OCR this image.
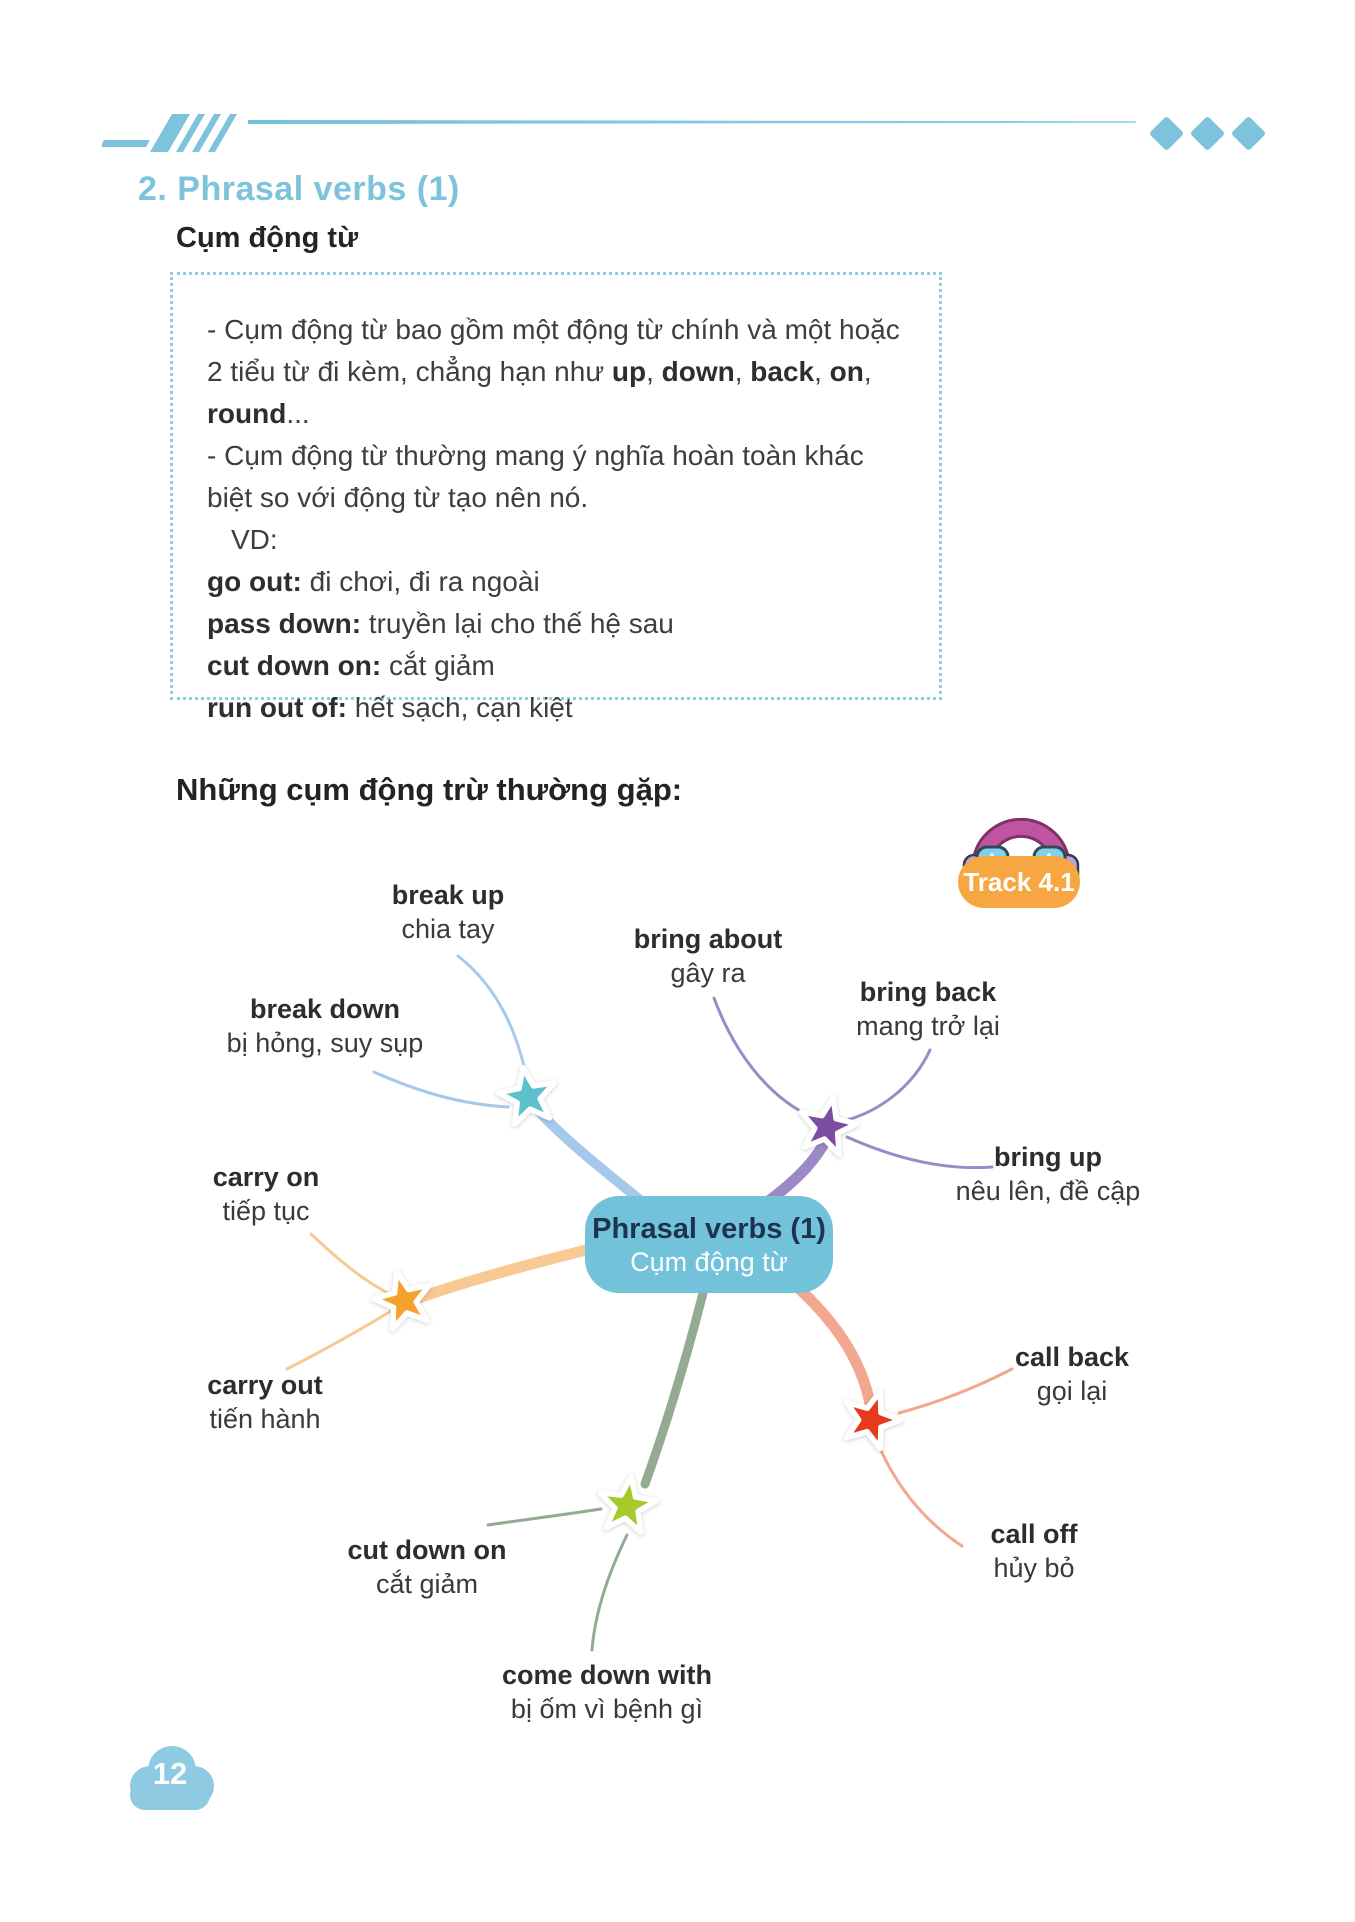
2. Phrasal verbs (1)
Cụm động từ

- Cụm động từ bao gồm một động từ chính và một hoặc 2 tiểu từ đi kèm, chẳng hạn như up, down, back, on, round...

- Cụm động từ thường mang ý nghĩa hoàn toàn khác biệt so với động từ tạo nên nó.

VD:

go out: đi chơi, đi ra ngoài

pass down: truyền lại cho thế hệ sau

cut down on: cắt giảm

run out of: hết sạch, cạn kiệt

Những cụm động trừ thường gặp:
Track 4.1
Phrasal verbs (1)
Cụm động từ
break up
chia tay
break down
bị hỏng, suy sụp
bring about
gây ra
bring back
mang trở lại
bring up
nêu lên, đề cập
carry on
tiếp tục
carry out
tiến hành
call back
gọi lại
call off
hủy bỏ
cut down on
cắt giảm
come down with
bị ốm vì bệnh gì
12
